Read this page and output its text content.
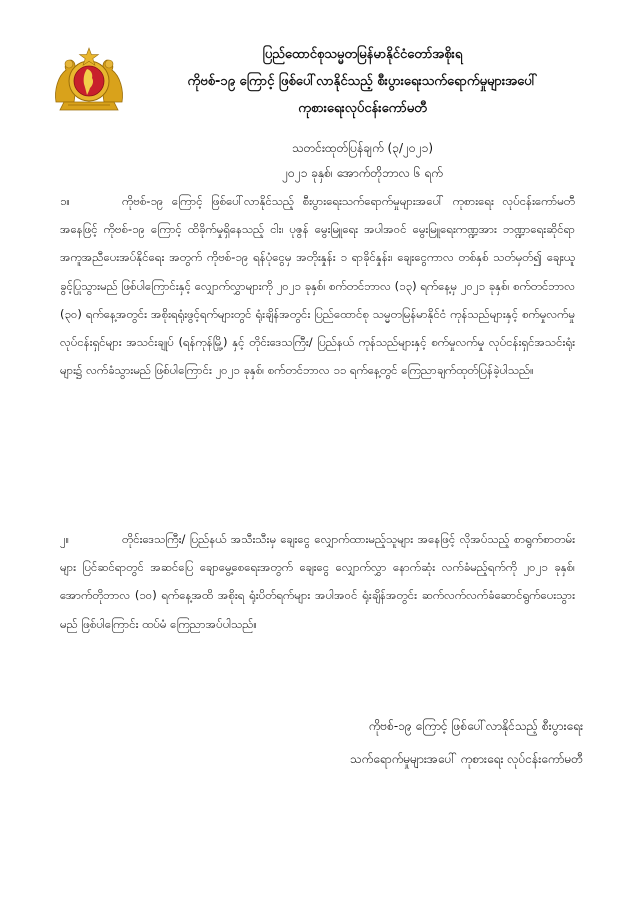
ပြည်ထောင်စုသမ္မတမြန်မာနိုင်ငံတော်အစိုးရ
ကိုဗစ်-၁၉ ကြောင့် ဖြစ်ပေါ်လာနိုင်သည့် စီးပွားရေးသက်ရောက်မှုများအပေါ်
ကုစားရေးလုပ်ငန်းကော်မတီ
သတင်းထုတ်ပြန်ချက် (၃/၂၀၂၁)
၂၀၂၁ ခုနှစ်၊ အောက်တိုဘာလ ၆ ရက်
၁။	ကိုဗစ်-၁၉ ကြောင့် ဖြစ်ပေါ်လာနိုင်သည့် စီးပွားရေးသက်ရောက်မှုများအပေါ် ကုစားရေး လုပ်ငန်းကော်မတီ အနေဖြင့် ကိုဗစ်-၁၉ ကြောင့် ထိခိုက်မှုရှိနေသည့် ငါး၊ ပုဇွန် မွေးမြူရေး အပါအဝင် မွေးမြူရေးကဏ္ဍအား ဘဏ္ဍာရေးဆိုင်ရာ အကူအညီပေးအပ်နိုင်ရေး အတွက် ကိုဗစ်-၁၉ ရန်ပုံငွေမှ အတိုးနှုန်း ၁ ရာခိုင်နှုန်း၊ ချေးငွေကာလ တစ်နှစ် သတ်မှတ်၍ ချေးယူ ခွင့်ပြုသွားမည် ဖြစ်ပါကြောင်းနှင့် လျှောက်လွှာများကို ၂၀၂၁ ခုနှစ်၊ စက်တင်ဘာလ (၁၃) ရက်နေ့မှ ၂၀၂၁ ခုနှစ်၊ စက်တင်ဘာလ (၃၀) ရက်နေ့အတွင်း အစိုးရရုံးဖွင့်ရက်များတွင် ရုံးချိန်အတွင်း ပြည်ထောင်စု သမ္မတမြန်မာနိုင်ငံ ကုန်သည်များနှင့် စက်မှုလက်မှုလုပ်ငန်းရှင်များ အသင်းချုပ် (ရန်ကုန်မြို့) နှင့် တိုင်းဒေသကြီး/ ပြည်နယ် ကုန်သည်များနှင့် စက်မှုလက်မှု လုပ်ငန်းရှင်အသင်းရုံးများ၌ လက်ခံသွားမည် ဖြစ်ပါကြောင်း ၂၀၂၁ ခုနှစ်၊ စက်တင်ဘာလ ၁၁ ရက်နေ့တွင် ကြေညာချက်ထုတ်ပြန်ခဲ့ပါသည်။
၂။	တိုင်းဒေသကြီး/ ပြည်နယ် အသီးသီးမှ ချေးငွေ လျှောက်ထားမည့်သူများ အနေဖြင့် လိုအပ်သည့် စာရွက်စာတမ်းများ ပြင်ဆင်ရာတွင် အဆင်ပြေ ချောမွေ့စေရေးအတွက် ချေးငွေ လျှောက်လွှာ နောက်ဆုံး လက်ခံမည့်ရက်ကို ၂၀၂၁ ခုနှစ်၊ အောက်တိုဘာလ (၁၀) ရက်နေ့အထိ အစိုးရ ရုံးပိတ်ရက်များ အပါအဝင် ရုံးချိန်အတွင်း ဆက်လက်လက်ခံဆောင်ရွက်ပေးသွားမည် ဖြစ်ပါကြောင်း ထပ်မံ ကြေညာအပ်ပါသည်။
ကိုဗစ်-၁၉ ကြောင့် ဖြစ်ပေါ်လာနိုင်သည့် စီးပွားရေး
သက်ရောက်မှုများအပေါ် ကုစားရေး လုပ်ငန်းကော်မတီ
